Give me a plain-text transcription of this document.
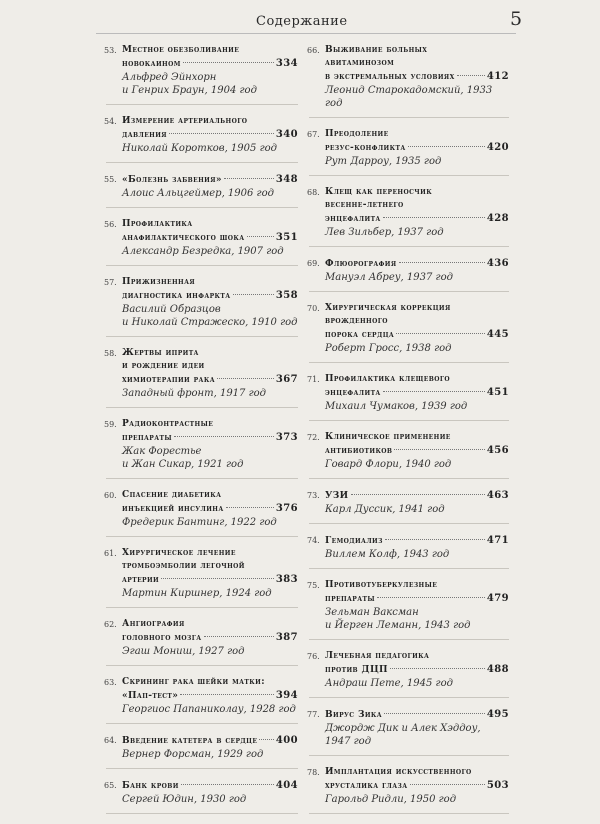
Содержание	5
53. Местное обезболивание
новокаином	334
Альфред Эйнхорн
и Генрих Браун, 1904 год
54. Измерение артериального
давления	340
Николай Коротков, 1905 год
55. «Болезнь забвения»	348
Алоис Альцгеймер, 1906 год
56. Профилактика
анафилактического шока	351
Александр Безредка, 1907 год
57. Прижизненная
диагностика инфаркта	358
Василий Образцов
и Николай Стражеско, 1910 год
58. Жертвы иприта
и рождение идеи
химиотерапии рака	367
Западный фронт, 1917 год
59. Радиоконтрастные
препараты	373
Жак Форестье
и Жан Сикар, 1921 год
60. Спасение диабетика
инъекцией инсулина	376
Фредерик Бантинг, 1922 год
61. Хирургическое лечение
тромбоэмболии легочной
артерии	383
Мартин Киршнер, 1924 год
62. Ангиография
головного мозга	387
Эгаш Мониш, 1927 год
63. Скрининг рака шейки матки:
«Пап-тест»	394
Георгиос Папаниколау, 1928 год
64. Введение катетера в сердце 400
Вернер Форсман, 1929 год
65. Банк крови	404
Сергей Юдин, 1930 год
66. Выживание больных
авитаминозом
в экстремальных условиях	412
Леонид Старокадомский, 1933 год
67. Преодоление
резус-конфликта	420
Рут Дарроу, 1935 год
68. Клещ как переносчик
весенне-летнего
энцефалита	428
Лев Зильбер, 1937 год
69. Флюорография	436
Мануэл Абреу, 1937 год
70. Хирургическая коррекция
врожденного
порока сердца	445
Роберт Гросс, 1938 год
71. Профилактика клещевого
энцефалита	451
Михаил Чумаков, 1939 год
72. Клиническое применение
антибиотиков	456
Говард Флори, 1940 год
73. УЗИ	463
Карл Дуссик, 1941 год
74. Гемодиализ	471
Виллем Колф, 1943 год
75. Противотуберкулезные
препараты	479
Зельман Ваксман
и Йерген Леманн, 1943 год
76. Лечебная педагогика
против ДЦП	488
Андраш Пете, 1945 год
77. Вирус Зика	495
Джордж Дик и Алек Хэддоу,
1947 год
78. Имплантация искусственного
хрусталика глаза	503
Гарольд Ридли, 1950 год
